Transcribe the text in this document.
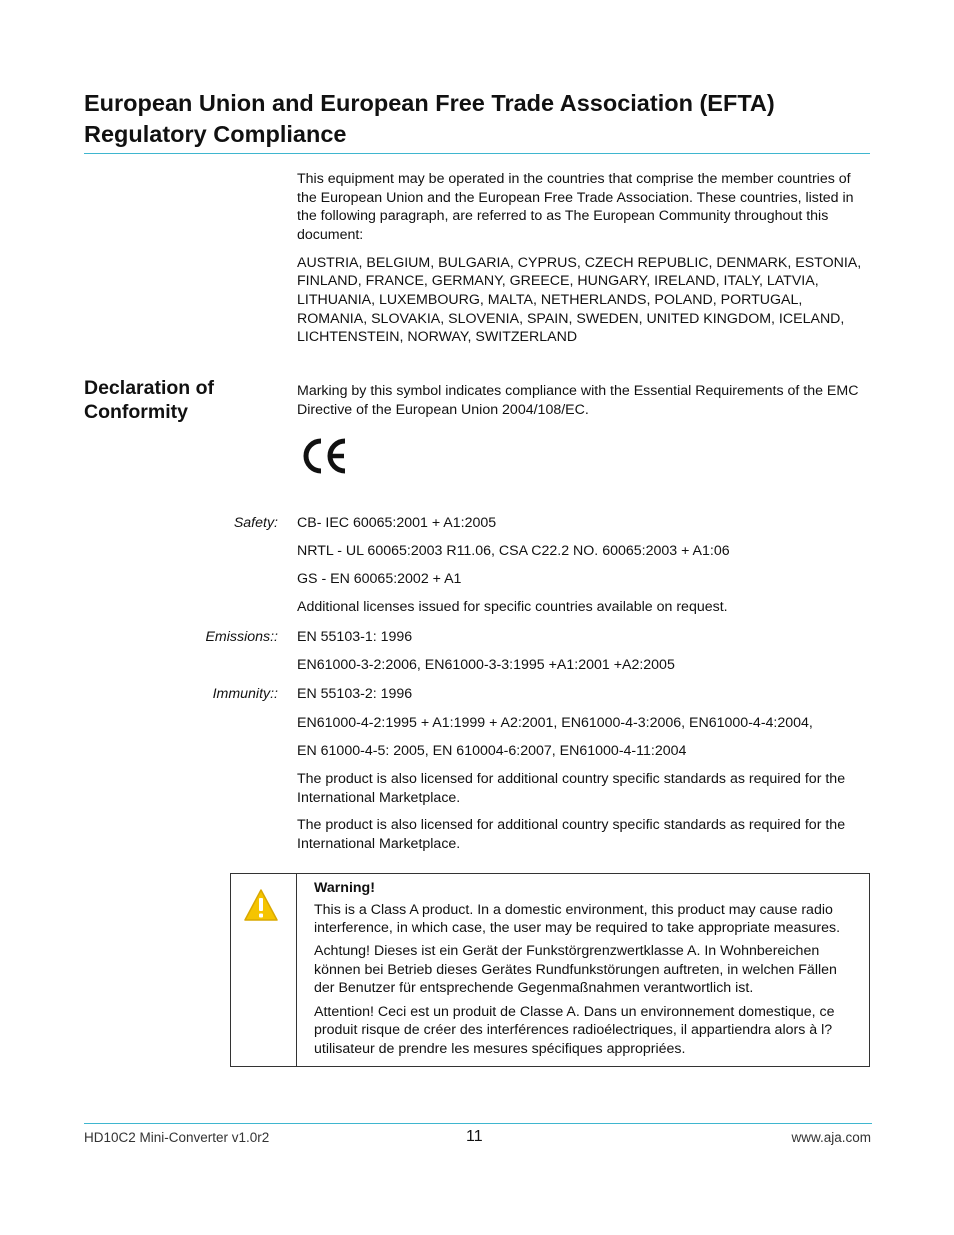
European Union and European Free Trade Association (EFTA) Regulatory Compliance

This equipment may be operated in the countries that comprise the member countries of the European Union and the European Free Trade Association. These countries, listed in the following paragraph, are referred to as The European Community throughout this document:

AUSTRIA, BELGIUM, BULGARIA, CYPRUS, CZECH REPUBLIC, DENMARK, ESTONIA, FINLAND, FRANCE, GERMANY, GREECE, HUNGARY, IRELAND, ITALY, LATVIA, LITHUANIA, LUXEMBOURG, MALTA, NETHERLANDS, POLAND, PORTUGAL, ROMANIA, SLOVAKIA, SLOVENIA, SPAIN, SWEDEN, UNITED KINGDOM, ICELAND, LICHTENSTEIN, NORWAY, SWITZERLAND

Declaration of Conformity

Marking by this symbol indicates compliance with the Essential Requirements of the EMC Directive of the European Union 2004/108/EC.

Safety: CB- IEC 60065:2001 + A1:2005
NRTL - UL 60065:2003 R11.06, CSA C22.2 NO. 60065:2003 + A1:06
GS - EN 60065:2002 + A1
Additional licenses issued for specific countries available on request.
Emissions:: EN 55103-1: 1996
EN61000-3-2:2006, EN61000-3-3:1995 +A1:2001 +A2:2005
Immunity:: EN 55103-2: 1996
EN61000-4-2:1995 + A1:1999 + A2:2001, EN61000-4-3:2006, EN61000-4-4:2004,
EN 61000-4-5: 2005, EN 610004-6:2007, EN61000-4-11:2004
The product is also licensed for additional country specific standards as required for the International Marketplace.
The product is also licensed for additional country specific standards as required for the International Marketplace.

Warning!

This is a Class A product. In a domestic environment, this product may cause radio interference, in which case, the user may be required to take appropriate measures.

Achtung! Dieses ist ein Gerät der Funkstörgrenzwertklasse A. In Wohnbereichen können bei Betrieb dieses Gerätes Rundfunkstörungen auftreten, in welchen Fällen der Benutzer für entsprechende Gegenmaßnahmen verantwortlich ist.

Attention! Ceci est un produit de Classe A. Dans un environnement domestique, ce produit risque de créer des interférences radioélectriques, il appartiendra alors à l?utilisateur de prendre les mesures spécifiques appropriées.

HD10C2 Mini-Converter v1.0r2	11	www.aja.com
